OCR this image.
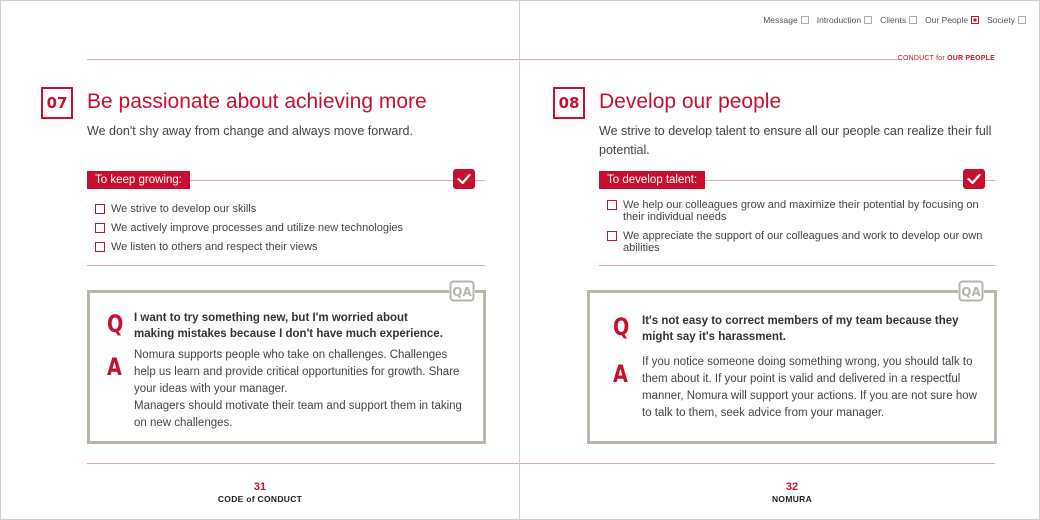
Message Introduction Clients Our People Society
CONDUCT for OUR PEOPLE
07 Be passionate about achieving more
We don't shy away from change and always move forward.
To keep growing:
We strive to develop our skills
We actively improve processes and utilize new technologies
We listen to others and respect their views
QA
Q I want to try something new, but I'm worried about making mistakes because I don't have much experience.
A Nomura supports people who take on challenges. Challenges help us learn and provide critical opportunities for growth. Share your ideas with your manager.
Managers should motivate their team and support them in taking on new challenges.
31
CODE of CONDUCT
08 Develop our people
We strive to develop talent to ensure all our people can realize their full potential.
To develop talent:
We help our colleagues grow and maximize their potential by focusing on their individual needs
We appreciate the support of our colleagues and work to develop our own abilities
QA
Q It's not easy to correct members of my team because they might say it's harassment.
A If you notice someone doing something wrong, you should talk to them about it. If your point is valid and delivered in a respectful manner, Nomura will support your actions. If you are not sure how to talk to them, seek advice from your manager.
32
NOMURA
